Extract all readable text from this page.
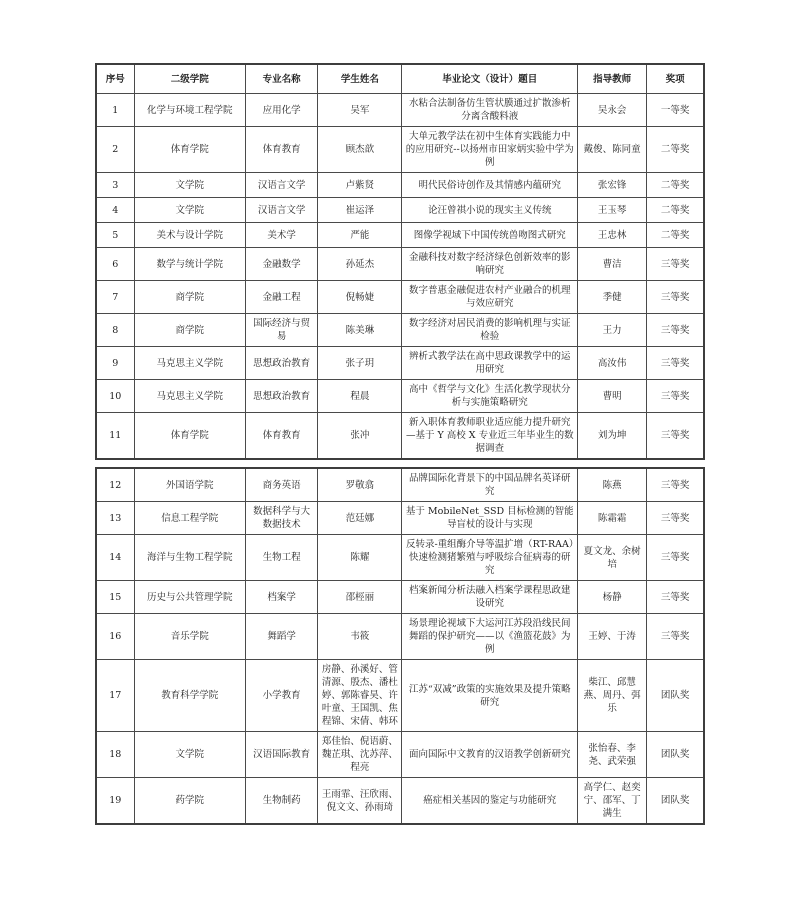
序号	二级学院	专业名称	学生姓名	毕业论文（设计）题目	指导教师	奖项
1	化学与环境工程学院	应用化学	吴军	水粘合法制备仿生管状膜通过扩散渗析分离含酸料液	吴永会	一等奖
2	体育学院	体育教育	顾杰歆	大单元教学法在初中生体育实践能力中的应用研究--以扬州市田家炳实验中学为例	戴俊、陈同童	二等奖
3	文学院	汉语言文学	卢紫贤	明代民俗诗创作及其情感内蕴研究	张宏锋	二等奖
4	文学院	汉语言文学	崔运泽	论汪曾祺小说的现实主义传统	王玉琴	二等奖
5	美术与设计学院	美术学	严能	图像学视域下中国传统兽吻图式研究	王忠林	二等奖
6	数学与统计学院	金融数学	孙延杰	金融科技对数字经济绿色创新效率的影响研究	曹洁	三等奖
7	商学院	金融工程	倪畅婕	数字普惠金融促进农村产业融合的机理与效应研究	季健	三等奖
8	商学院	国际经济与贸易	陈美琳	数字经济对居民消费的影响机理与实证检验	王力	三等奖
9	马克思主义学院	思想政治教育	张子玥	辨析式教学法在高中思政课教学中的运用研究	高汝伟	三等奖
10	马克思主义学院	思想政治教育	程晨	高中《哲学与文化》生活化教学现状分析与实施策略研究	曹明	三等奖
11	体育学院	体育教育	张冲	新入职体育教师职业适应能力提升研究—基于 Y 高校 X 专业近三年毕业生的数据调查	刘为坤	三等奖
12	外国语学院	商务英语	罗敬翕	品牌国际化背景下的中国品牌名英译研究	陈燕	三等奖
13	信息工程学院	数据科学与大数据技术	范廷娜	基于 MobileNet_SSD 目标检测的智能导盲杖的设计与实现	陈霜霜	三等奖
14	海洋与生物工程学院	生物工程	陈耀	反转录-重组酶介导等温扩增（RT-RAA）快速检测猪繁殖与呼吸综合征病毒的研究	夏文龙、余树培	三等奖
15	历史与公共管理学院	档案学	邵桱丽	档案新闻分析法融入档案学课程思政建设研究	杨静	三等奖
16	音乐学院	舞蹈学	韦筱	场景理论视域下大运河江苏段沿线民间舞蹈的保护研究——以《渔篮花鼓》为例	王婷、于涛	三等奖
17	教育科学学院	小学教育	房静、孙溪好、管清源、殷杰、潘杜婷、郭陈睿昊、许叶童、王国凯、焦程锦、宋倩、韩环	江苏“双减”政策的实施效果及提升策略研究	柴江、邱慧燕、周丹、弭乐	团队奖
18	文学院	汉语国际教育	郑佳怡、倪语蔚、魏芷琪、沈苏萍、程亮	面向国际中文教育的汉语教学创新研究	张怡春、李尧、武荣强	团队奖
19	药学院	生物制药	王雨霏、汪欣雨、倪文文、孙雨琦	癌症相关基因的鉴定与功能研究	高学仁、赵奕宁、邵军、丁满生	团队奖
